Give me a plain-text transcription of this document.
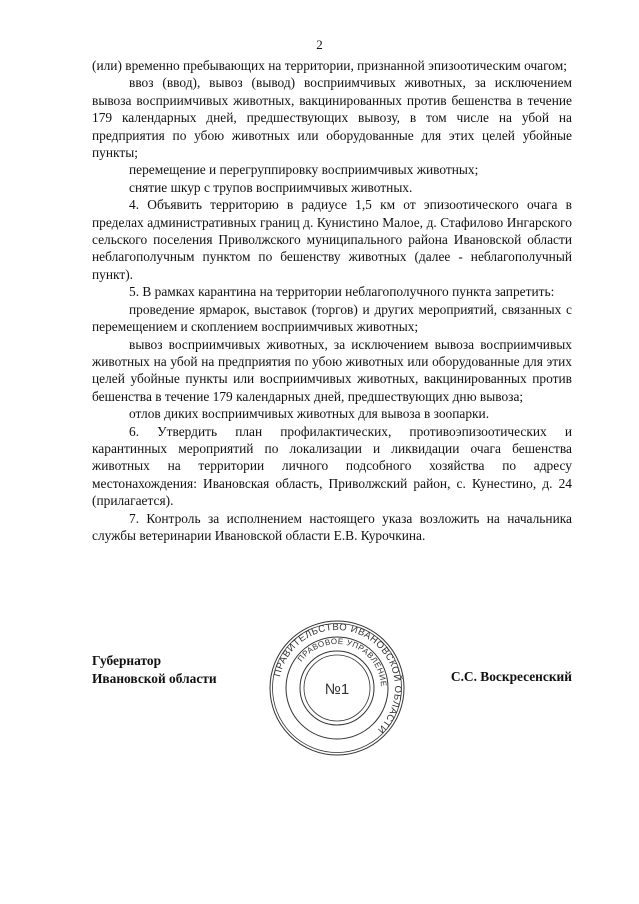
2

(или) временно пребывающих на территории, признанной эпизоотическим очагом;

ввоз (ввод), вывоз (вывод) восприимчивых животных, за исключением вывоза восприимчивых животных, вакцинированных против бешенства в течение 179 календарных дней, предшествующих вывозу, в том числе на убой на предприятия по убою животных или оборудованные для этих целей убойные пункты;

перемещение и перегруппировку восприимчивых животных;

снятие шкур с трупов восприимчивых животных.

4. Объявить территорию в радиусе 1,5 км от эпизоотического очага в пределах административных границ д. Кунистино Малое, д. Стафилово Ингарского сельского поселения Приволжского муниципального района Ивановской области неблагополучным пунктом по бешенству животных (далее - неблагополучный пункт).

5. В рамках карантина на территории неблагополучного пункта запретить:

проведение ярмарок, выставок (торгов) и других мероприятий, связанных с перемещением и скоплением восприимчивых животных;

вывоз восприимчивых животных, за исключением вывоза восприимчивых животных на убой на предприятия по убою животных или оборудованные для этих целей убойные пункты или восприимчивых животных, вакцинированных против бешенства в течение 179 календарных дней, предшествующих дню вывоза;

отлов диких восприимчивых животных для вывоза в зоопарки.

6. Утвердить план профилактических, противоэпизоотических и карантинных мероприятий по локализации и ликвидации очага бешенства животных на территории личного подсобного хозяйства по адресу местонахождения: Ивановская область, Приволжский район, с. Кунестино, д. 24 (прилагается).

7. Контроль за исполнением настоящего указа возложить на начальника службы ветеринарии Ивановской области Е.В. Курочкина.

Губернатор
Ивановской области	ПРАВИТЕЛЬСТВО ИВАНОВСКОЙ ОБЛАСТИ
ПРАВОВОЕ УПРАВЛЕНИЕ
№1
С.С. Воскресенский
